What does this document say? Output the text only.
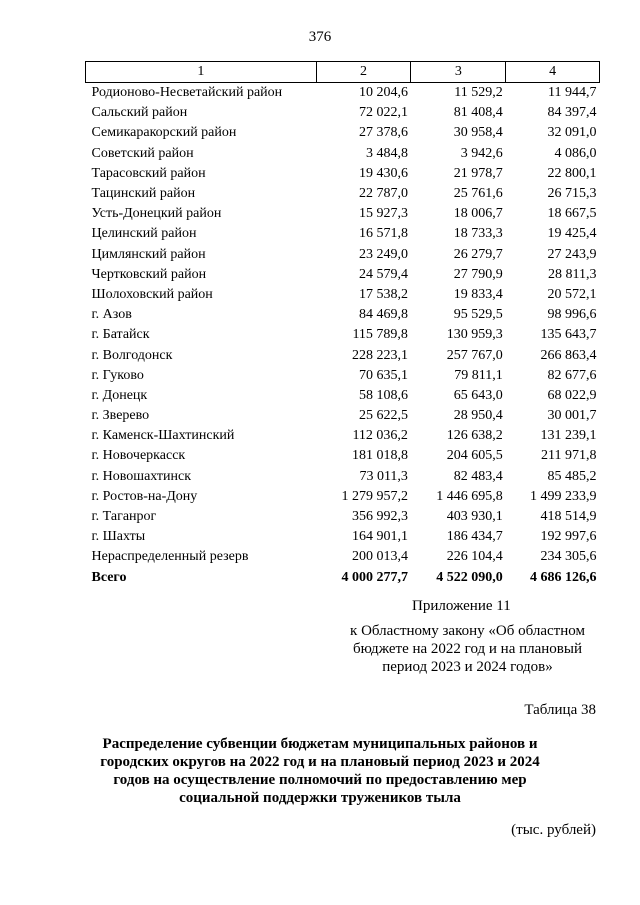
376
1	2	3	4
Родионово-Несветайский район	10 204,6	11 529,2	11 944,7
Сальский район	72 022,1	81 408,4	84 397,4
Семикаракорский район	27 378,6	30 958,4	32 091,0
Советский район	3 484,8	3 942,6	4 086,0
Тарасовский район	19 430,6	21 978,7	22 800,1
Тацинский район	22 787,0	25 761,6	26 715,3
Усть-Донецкий район	15 927,3	18 006,7	18 667,5
Целинский район	16 571,8	18 733,3	19 425,4
Цимлянский район	23 249,0	26 279,7	27 243,9
Чертковский район	24 579,4	27 790,9	28 811,3
Шолоховский район	17 538,2	19 833,4	20 572,1
г. Азов	84 469,8	95 529,5	98 996,6
г. Батайск	115 789,8	130 959,3	135 643,7
г. Волгодонск	228 223,1	257 767,0	266 863,4
г. Гуково	70 635,1	79 811,1	82 677,6
г. Донецк	58 108,6	65 643,0	68 022,9
г. Зверево	25 622,5	28 950,4	30 001,7
г. Каменск-Шахтинский	112 036,2	126 638,2	131 239,1
г. Новочеркасск	181 018,8	204 605,5	211 971,8
г. Новошахтинск	73 011,3	82 483,4	85 485,2
г. Ростов-на-Дону	1 279 957,2	1 446 695,8	1 499 233,9
г. Таганрог	356 992,3	403 930,1	418 514,9
г. Шахты	164 901,1	186 434,7	192 997,6
Нераспределенный резерв	200 013,4	226 104,4	234 305,6
Всего	4 000 277,7	4 522 090,0	4 686 126,6
Приложение 11
к Областному закону «Об областном бюджете на 2022 год и на плановый период 2023 и 2024 годов»
Таблица 38
Распределение субвенции бюджетам муниципальных районов и городских округов на 2022 год и на плановый период 2023 и 2024 годов на осуществление полномочий по предоставлению мер социальной поддержки тружеников тыла
(тыс. рублей)
